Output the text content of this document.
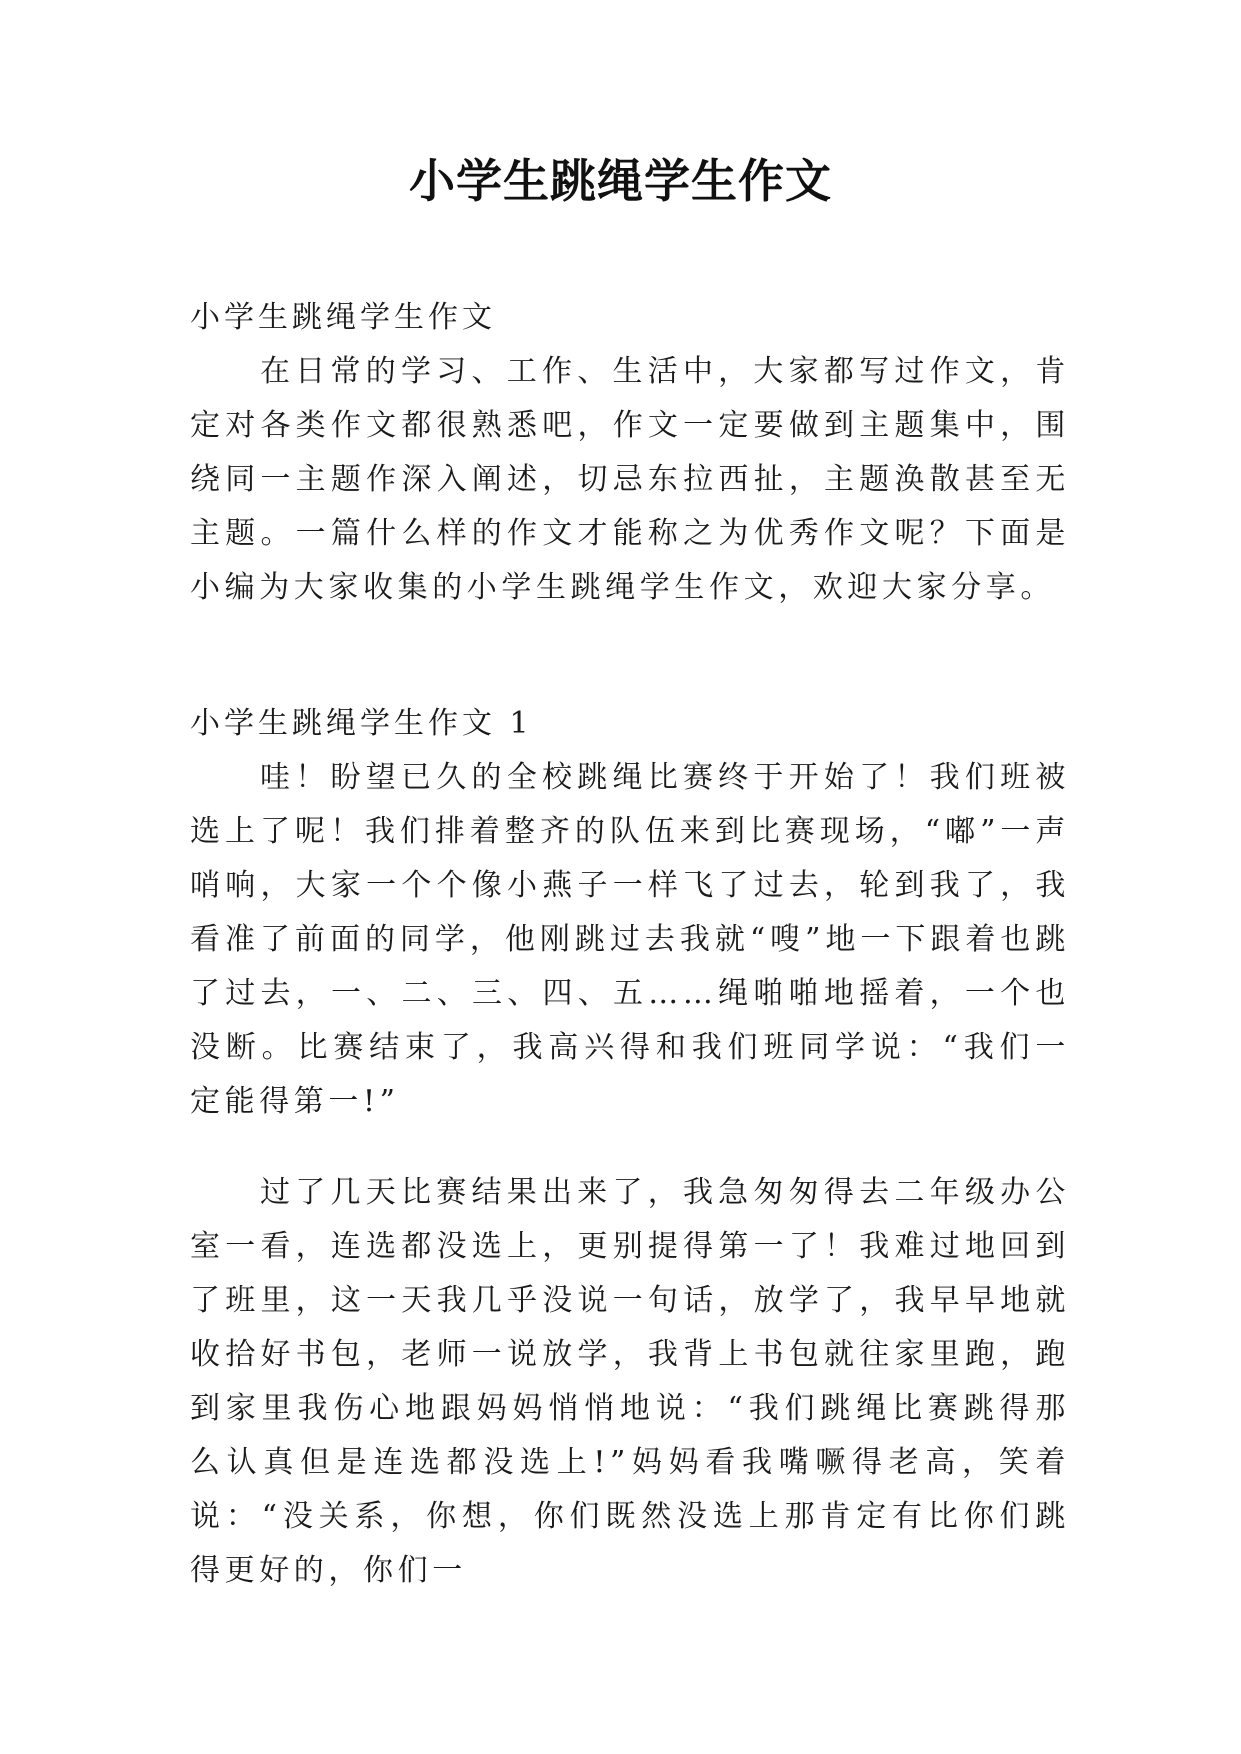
小学生跳绳学生作文
小学生跳绳学生作文
在日常的学习、工作、生活中，大家都写过作文，肯定对各类作文都很熟悉吧，作文一定要做到主题集中，围绕同一主题作深入阐述，切忌东拉西扯，主题涣散甚至无主题。一篇什么样的作文才能称之为优秀作文呢？下面是小编为大家收集的小学生跳绳学生作文，欢迎大家分享。
小学生跳绳学生作文 1
哇！盼望已久的全校跳绳比赛终于开始了！我们班被选上了呢！我们排着整齐的队伍来到比赛现场，“嘟”一声哨响，大家一个个像小燕子一样飞了过去，轮到我了，我看准了前面的同学，他刚跳过去我就“嗖”地一下跟着也跳了过去，一、二、三、四、五……绳啪啪地摇着，一个也没断。比赛结束了，我高兴得和我们班同学说：“我们一定能得第一!”
过了几天比赛结果出来了，我急匆匆得去二年级办公室一看，连选都没选上，更别提得第一了！我难过地回到了班里，这一天我几乎没说一句话，放学了，我早早地就收拾好书包，老师一说放学，我背上书包就往家里跑，跑到家里我伤心地跟妈妈悄悄地说：“我们跳绳比赛跳得那么认真但是连选都没选上!”妈妈看我嘴噘得老高，笑着说：“没关系，你想，你们既然没选上那肯定有比你们跳得更好的，你们一
